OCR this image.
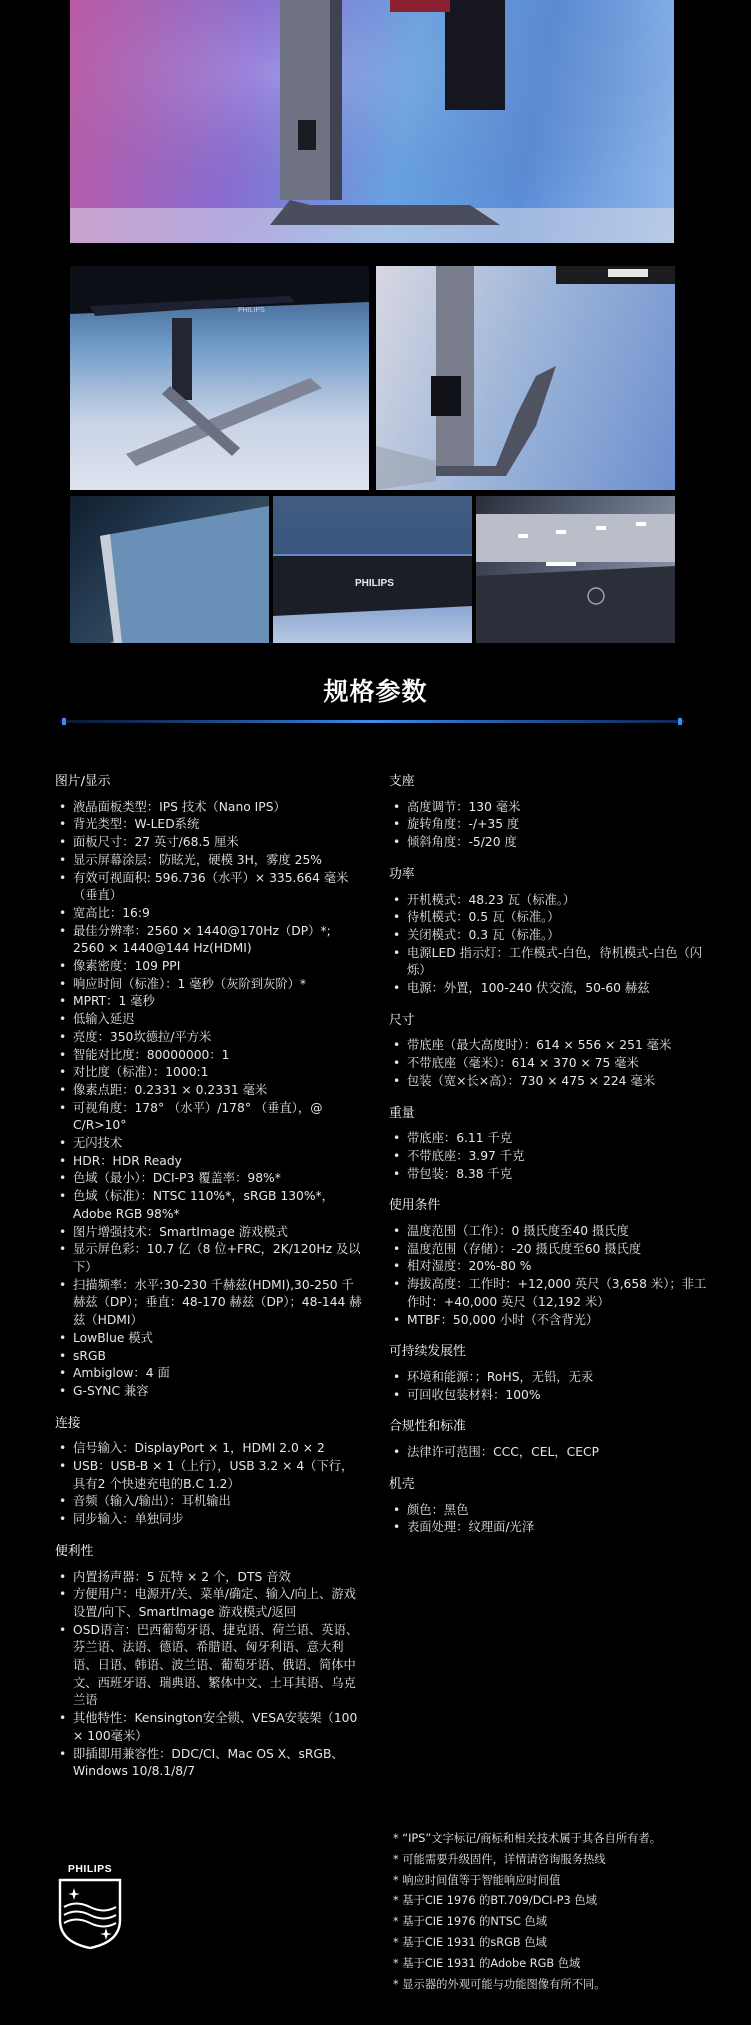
PHILIPS
PHILIPS
规格参数
图片/显示
• 液晶面板类型：IPS 技术（Nano IPS）
• 背光类型：W-LED系统
• 面板尺寸：27 英寸/68.5 厘米
• 显示屏幕涂层：防眩光，硬模 3H，雾度 25%
• 有效可视面积: 596.736（水平）× 335.664 毫米（垂直）
• 宽高比：16:9
• 最佳分辨率：2560 × 1440@170Hz（DP）*; 2560 × 1440@144 Hz(HDMI)
• 像素密度：109 PPI
• 响应时间（标准）：1 毫秒（灰阶到灰阶）*
• MPRT：1 毫秒
• 低输入延迟
• 亮度：350坎德拉/平方米
• 智能对比度：80000000：1
• 对比度（标准）：1000:1
• 像素点距：0.2331 × 0.2331 毫米
• 可视角度：178° （水平）/178° （垂直），@ C/R>10°
• 无闪技术
• HDR：HDR Ready
• 色域（最小）：DCI-P3 覆盖率：98%*
• 色域（标准）：NTSC 110%*，sRGB 130%*，Adobe RGB 98%*
• 图片增强技术：SmartImage 游戏模式
• 显示屏色彩：10.7 亿（8 位+FRC，2K/120Hz 及以下）
• 扫描频率：水平:30-230 千赫兹(HDMI),30-250 千赫兹（DP）；垂直：48-170 赫兹（DP）；48-144 赫兹（HDMI）
• LowBlue 模式
• sRGB
• Ambiglow：4 面
• G-SYNC 兼容
连接
• 信号输入：DisplayPort × 1，HDMI 2.0 × 2
• USB：USB-B × 1（上行），USB 3.2 × 4（下行，具有2 个快速充电的B.C 1.2）
• 音频（输入/输出）：耳机输出
• 同步输入：单独同步
便利性
• 内置扬声器：5 瓦特 × 2 个，DTS 音效
• 方便用户：电源开/关、菜单/确定、输入/向上、游戏设置/向下、SmartImage 游戏模式/返回
• OSD语言：巴西葡萄牙语、捷克语、荷兰语、英语、芬兰语、法语、德语、希腊语、匈牙利语、意大利语、日语、韩语、波兰语、葡萄牙语、俄语、简体中文、西班牙语、瑞典语、繁体中文、土耳其语、乌克兰语
• 其他特性：Kensington安全锁、VESA安装架（100 × 100毫米）
• 即插即用兼容性：DDC/CI、Mac OS X、sRGB、Windows 10/8.1/8/7
支座
• 高度调节：130 毫米
• 旋转角度：-/+35 度
• 倾斜角度：-5/20 度
功率
• 开机模式：48.23 瓦（标准。）
• 待机模式：0.5 瓦（标准。）
• 关闭模式：0.3 瓦（标准。）
• 电源LED 指示灯：工作模式-白色，待机模式-白色（闪烁）
• 电源：外置，100-240 伏交流，50-60 赫兹
尺寸
• 带底座（最大高度时）：614 × 556 × 251 毫米
• 不带底座（毫米）：614 × 370 × 75 毫米
• 包装（宽×长×高）：730 × 475 × 224 毫米
重量
• 带底座：6.11 千克
• 不带底座：3.97 千克
• 带包装：8.38 千克
使用条件
• 温度范围（工作）：0 摄氏度至40 摄氏度
• 温度范围（存储）：-20 摄氏度至60 摄氏度
• 相对湿度：20%-80 %
• 海拔高度：工作时：+12,000 英尺（3,658 米）；非工作时：+40,000 英尺（12,192 米）
• MTBF：50,000 小时（不含背光）
可持续发展性
• 环境和能源：；RoHS，无铅，无汞
• 可回收包装材料：100%
合规性和标准
• 法律许可范围：CCC，CEL，CECP
机壳
• 颜色：黑色
• 表面处理：纹理面/光泽
* “IPS”文字标记/商标和相关技术属于其各自所有者。
* 可能需要升级固件，详情请咨询服务热线
* 响应时间值等于智能响应时间值
* 基于CIE 1976 的BT.709/DCI-P3 色域
* 基于CIE 1976 的NTSC 色域
* 基于CIE 1931 的sRGB 色域
* 基于CIE 1931 的Adobe RGB 色域
* 显示器的外观可能与功能图像有所不同。
PHILIPS
